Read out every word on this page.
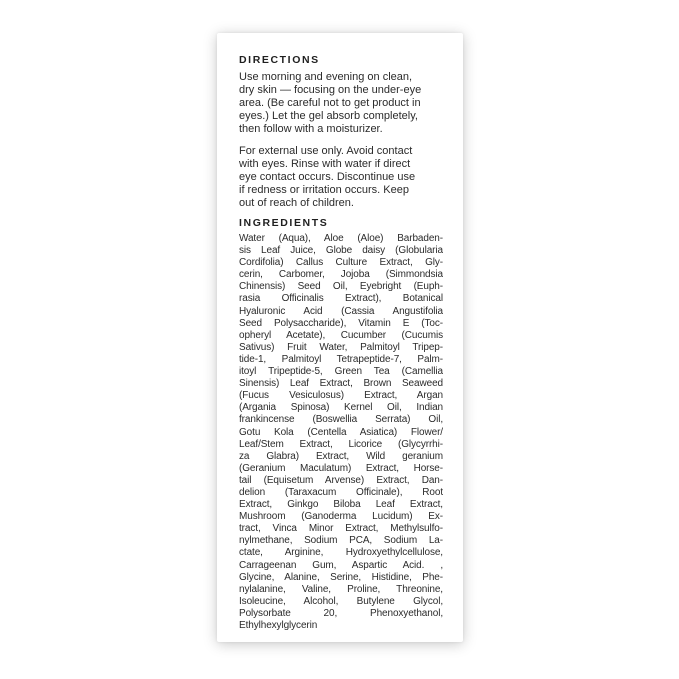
DIRECTIONS
Use morning and evening on clean,
dry skin — focusing on the under-eye
area. (Be careful not to get product in
eyes.) Let the gel absorb completely,
then follow with a moisturizer.
For external use only. Avoid contact
with eyes. Rinse with water if direct
eye contact occurs. Discontinue use
if redness or irritation occurs. Keep
out of reach of children.
INGREDIENTS
Water (Aqua), Aloe (Aloe) Barbaden-
sis Leaf Juice, Globe daisy (Globularia
Cordifolia) Callus Culture Extract, Gly-
cerin, Carbomer, Jojoba (Simmondsia
Chinensis) Seed Oil, Eyebright (Euph-
rasia Officinalis Extract), Botanical
Hyaluronic Acid (Cassia Angustifolia
Seed Polysaccharide), Vitamin E (Toc-
opheryl Acetate), Cucumber (Cucumis
Sativus) Fruit Water, Palmitoyl Tripep-
tide-1, Palmitoyl Tetrapeptide-7, Palm-
itoyl Tripeptide-5, Green Tea (Camellia
Sinensis) Leaf Extract, Brown Seaweed
(Fucus Vesiculosus) Extract, Argan
(Argania Spinosa) Kernel Oil, Indian
frankincense (Boswellia Serrata) Oil,
Gotu Kola (Centella Asiatica) Flower/
Leaf/Stem Extract, Licorice (Glycyrrhi-
za Glabra) Extract, Wild geranium
(Geranium Maculatum) Extract, Horse-
tail (Equisetum Arvense) Extract, Dan-
delion (Taraxacum Officinale), Root
Extract, Ginkgo Biloba Leaf Extract,
Mushroom (Ganoderma Lucidum) Ex-
tract, Vinca Minor Extract, Methylsulfo-
nylmethane, Sodium PCA, Sodium La-
ctate, Arginine, Hydroxyethylcellulose,
Carrageenan Gum, Aspartic Acid. ,
Glycine, Alanine, Serine, Histidine, Phe-
nylalanine, Valine, Proline, Threonine,
Isoleucine, Alcohol, Butylene Glycol,
Polysorbate 20, Phenoxyethanol,
Ethylhexylglycerin
